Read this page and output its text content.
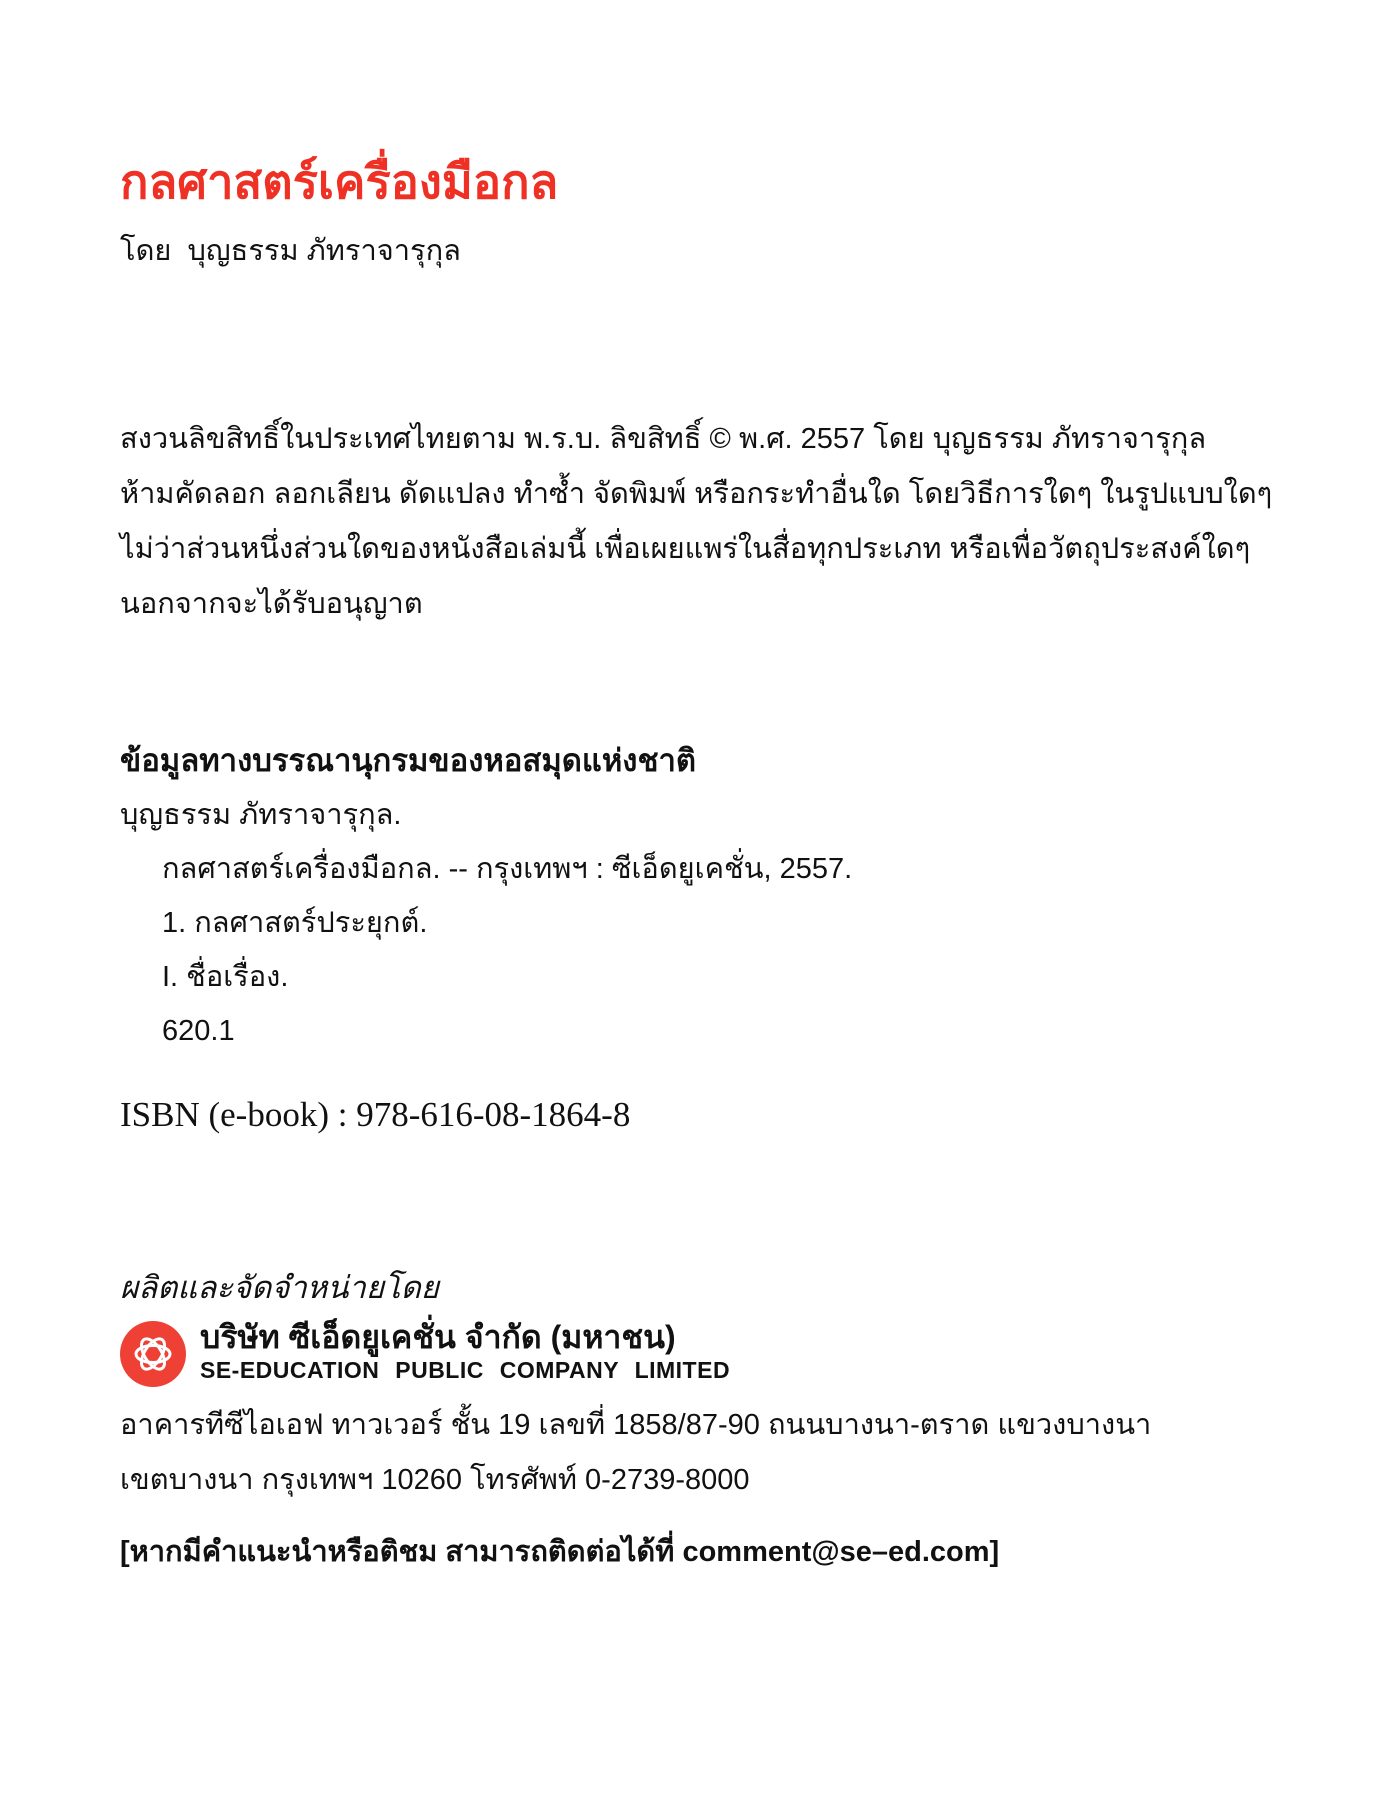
กลศาสตร์เครื่องมือกล
โดย  บุญธรรม ภัทราจารุกุล
สงวนลิขสิทธิ์ในประเทศไทยตาม พ.ร.บ. ลิขสิทธิ์ © พ.ศ. 2557 โดย บุญธรรม ภัทราจารุกุล
ห้ามคัดลอก ลอกเลียน ดัดแปลง ทำซ้ำ จัดพิมพ์ หรือกระทำอื่นใด โดยวิธีการใดๆ ในรูปแบบใดๆ
ไม่ว่าส่วนหนึ่งส่วนใดของหนังสือเล่มนี้ เพื่อเผยแพร่ในสื่อทุกประเภท หรือเพื่อวัตถุประสงค์ใดๆ
นอกจากจะได้รับอนุญาต
ข้อมูลทางบรรณานุกรมของหอสมุดแห่งชาติ
บุญธรรม ภัทราจารุกุล.
กลศาสตร์เครื่องมือกล. -- กรุงเทพฯ : ซีเอ็ดยูเคชั่น, 2557.
1. กลศาสตร์ประยุกต์.
I. ชื่อเรื่อง.
620.1
ISBN (e-book) : 978-616-08-1864-8
ผลิตและจัดจำหน่ายโดย
บริษัท ซีเอ็ดยูเคชั่น จำกัด (มหาชน)
SE-EDUCATION PUBLIC COMPANY LIMITED
อาคารทีซีไอเอฟ ทาวเวอร์ ชั้น 19 เลขที่ 1858/87-90 ถนนบางนา-ตราด แขวงบางนา
เขตบางนา กรุงเทพฯ 10260 โทรศัพท์ 0-2739-8000
[หากมีคำแนะนำหรือติชม สามารถติดต่อได้ที่ comment@se–ed.com]
